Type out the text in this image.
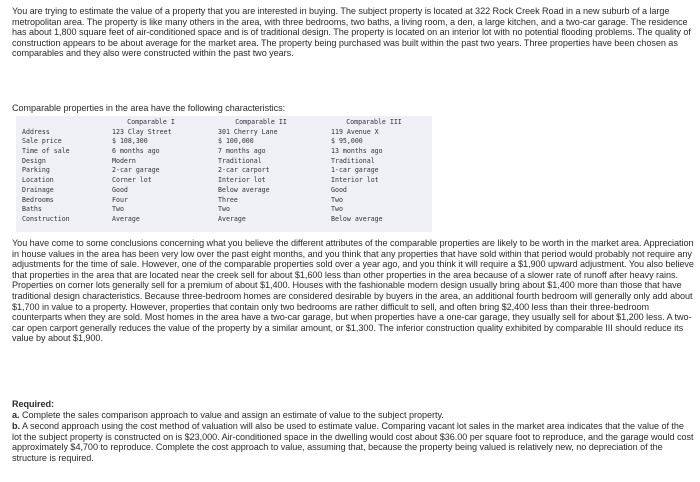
You are trying to estimate the value of a property that you are interested in buying. The subject property is located at 322 Rock Creek Road in a new suburb of a large metropolitan area. The property is like many others in the area, with three bedrooms, two baths, a living room, a den, a large kitchen, and a two-car garage. The residence has about 1,800 square feet of air-conditioned space and is of traditional design. The property is located on an interior lot with no potential flooding problems. The quality of construction appears to be about average for the market area. The property being purchased was built within the past two years. Three properties have been chosen as comparables and they also were constructed within the past two years.

Comparable properties in the area have the following characteristics:

Address
Sale price
Time of sale
Design
Parking
Location
Drainage
Bedrooms
Baths
Construction
Comparable I
123 Clay Street
$ 108,300
6 months ago
Modern
2-car garage
Corner lot
Good
Four
Two
Average
Comparable II
301 Cherry Lane
$ 100,000
7 months ago
Traditional
2-car carport
Interior lot
Below average
Three
Two
Average
Comparable III
119 Avenue X
$ 95,000
13 months ago
Traditional
1-car garage
Interior lot
Good
Two
Two
Below average

You have come to some conclusions concerning what you believe the different attributes of the comparable properties are likely to be worth in the market area. Appreciation in house values in the area has been very low over the past eight months, and you think that any properties that have sold within that period would probably not require any adjustments for the time of sale. However, one of the comparable properties sold over a year ago, and you think it will require a $1,900 upward adjustment. You also believe that properties in the area that are located near the creek sell for about $1,600 less than other properties in the area because of a slower rate of runoff after heavy rains. Properties on corner lots generally sell for a premium of about $1,400. Houses with the fashionable modern design usually bring about $1,400 more than those that have traditional design characteristics. Because three-bedroom homes are considered desirable by buyers in the area, an additional fourth bedroom will generally only add about $1,700 in value to a property. However, properties that contain only two bedrooms are rather difficult to sell, and often bring $2,400 less than their three-bedroom counterparts when they are sold. Most homes in the area have a two-car garage, but when properties have a one-car garage, they usually sell for about $1,200 less. A two-car open carport generally reduces the value of the property by a similar amount, or $1,300. The inferior construction quality exhibited by comparable III should reduce its value by about $1,900.

Required:

a. Complete the sales comparison approach to value and assign an estimate of value to the subject property.

b. A second approach using the cost method of valuation will also be used to estimate value. Comparing vacant lot sales in the market area indicates that the value of the lot the subject property is constructed on is $23,000. Air-conditioned space in the dwelling would cost about $36.00 per square foot to reproduce, and the garage would cost approximately $4,700 to reproduce. Complete the cost approach to value, assuming that, because the property being valued is relatively new, no depreciation of the structure is required.
